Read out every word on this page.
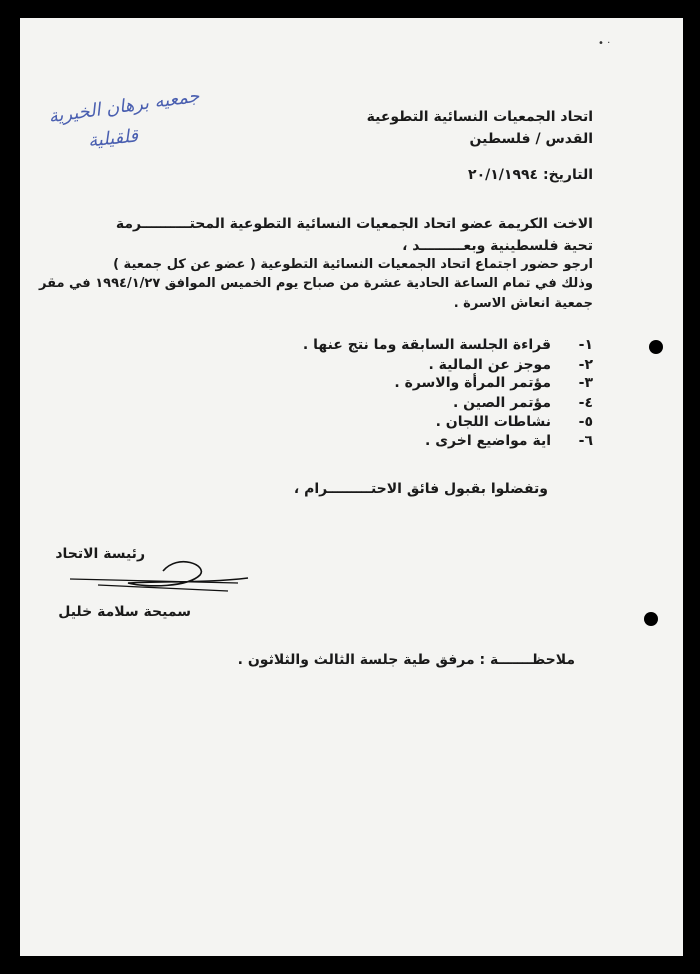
• ·
جمعيه برهان الخيرية
قلقيلية
اتحاد الجمعيات النسائية التطوعية
القدس / فلسطين
التاريخ: ٢٠/١/١٩٩٤
الاخت الكريمة عضو اتحاد الجمعيات النسائية التطوعية المحتــــــــــرمة
تحية فلسطينية وبعـــــــــد ،
ارجو حضور اجتماع اتحاد الجمعيات النسائية التطوعية ( عضو عن كل جمعية )
وذلك في تمام الساعة الحادية عشرة من صباح يوم الخميس الموافق ١٩٩٤/١/٢٧ في مقر
جمعية انعاش الاسرة .
١-قراءة الجلسة السابقة وما نتج عنها .
٢-موجز عن المالية .
٣-مؤتمر المرأة والاسرة .
٤-مؤتمر الصين .
٥-نشاطات اللجان .
٦-اية مواضيع اخرى .
وتفضلوا بقبول فائق الاحتـــــــــرام ،
رئيسة الاتحاد
سميحة سلامة خليل
ملاحظـــــــة : مرفق طية جلسة الثالث والثلاثون .
